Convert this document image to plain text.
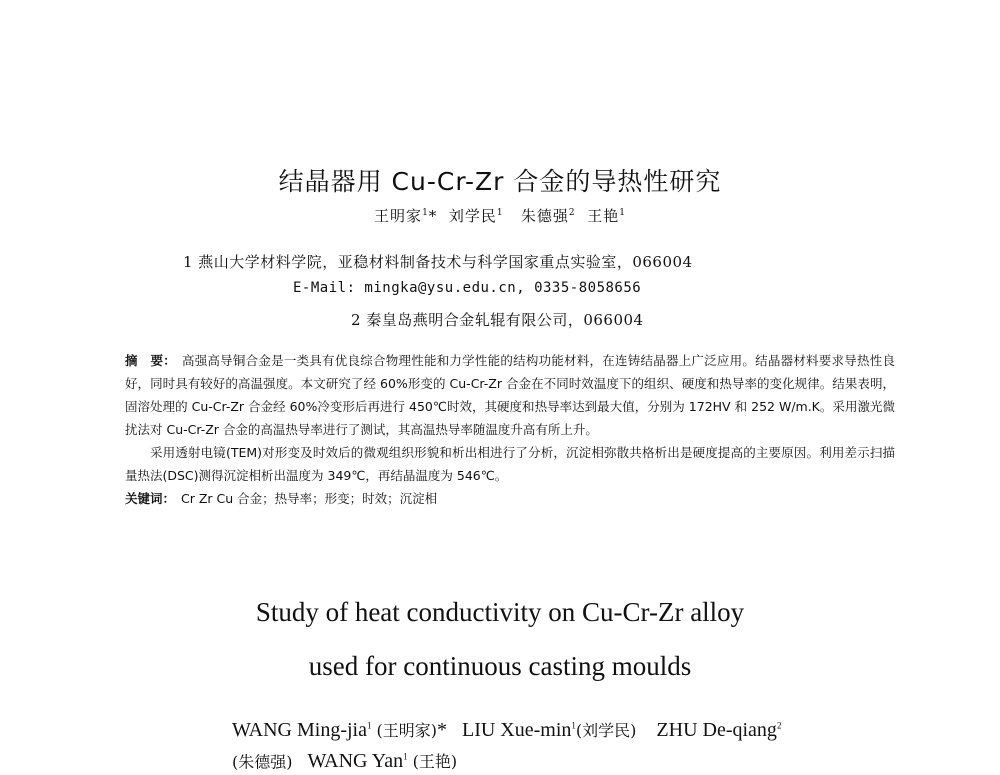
结晶器用 Cu-Cr-Zr 合金的导热性研究
王明家$^1$* 刘学民$^1$ 朱德强$^2$ 王艳$^1$
1 燕山大学材料学院，亚稳材料制备技术与科学国家重点实验室，066004
E-Mail: mingka@ysu.edu.cn, 0335-8058656
2 秦皇岛燕明合金轧辊有限公司，066004

摘　要： 高强高导铜合金是一类具有优良综合物理性能和力学性能的结构功能材料，在连铸结晶器上广泛应用。结晶器材料要求导热性良好，同时具有较好的高温强度。本文研究了经 60%形变的 Cu-Cr-Zr 合金在不同时效温度下的组织、硬度和热导率的变化规律。结果表明，固溶处理的 Cu-Cr-Zr 合金经 60%冷变形后再进行 450℃时效，其硬度和热导率达到最大值，分别为 172HV 和 252 W/m.K。采用激光微扰法对 Cu-Cr-Zr 合金的高温热导率进行了测试，其高温热导率随温度升高有所上升。

采用透射电镜(TEM)对形变及时效后的微观组织形貌和析出相进行了分析，沉淀相弥散共格析出是硬度提高的主要原因。利用差示扫描量热法(DSC)测得沉淀相析出温度为 349℃，再结晶温度为 546℃。

关键词： Cr Zr Cu 合金；热导率；形变；时效；沉淀相

Study of heat conductivity on Cu-Cr-Zr alloy
used for continuous casting moulds
WANG Ming-jia$^1$ (王明家)* LIU Xue-$\min^1$(刘学民) ZHU De-qiang$^2$
(朱德强) WANG Yan$^1$ (王艳)
